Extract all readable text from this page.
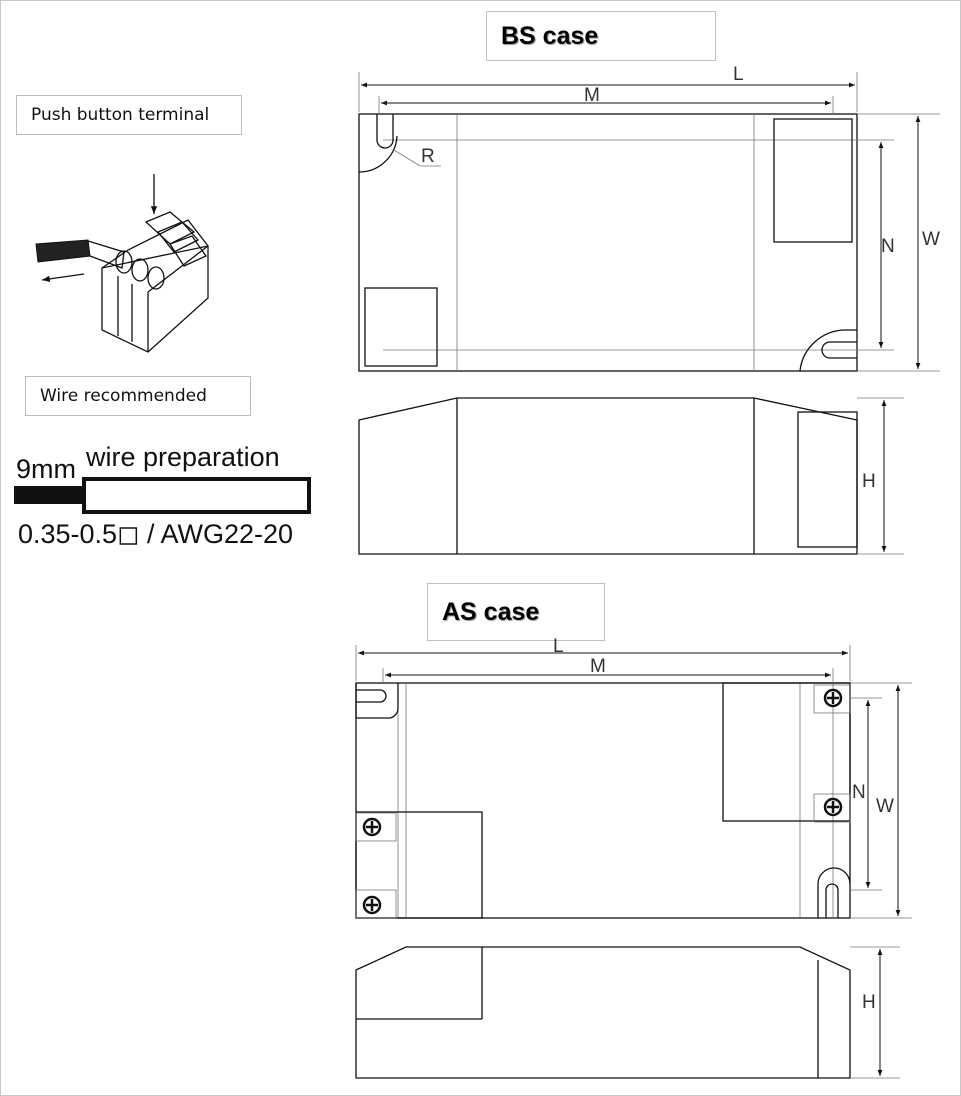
Push button terminal
Wire recommended
BS case
AS case
9mm wire preparation
0.35-0.5◻ / AWG22-20
R
L
M
N W
H
L
M
N
W
H
